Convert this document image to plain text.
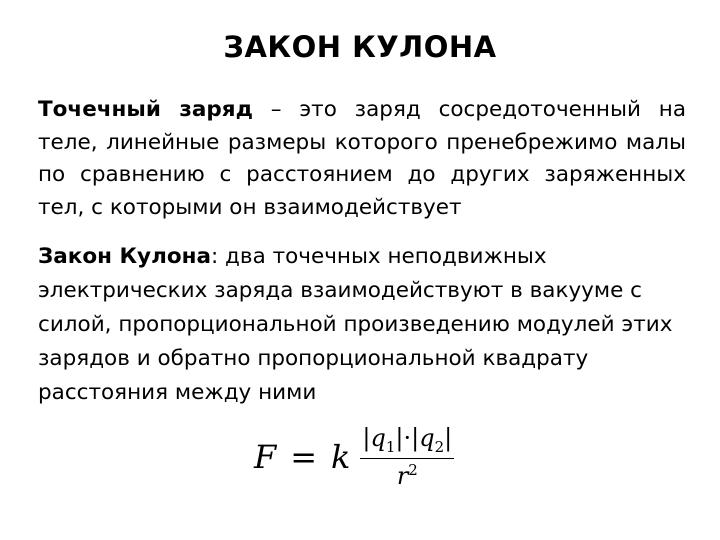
ЗАКОН КУЛОНА
Точечный заряд – это заряд сосредоточенный на теле, линейные размеры которого пренебрежимо малы по сравнению с расстоянием до других заряженных тел, с которыми он взаимодействует
Закон Кулона: два точечных неподвижных электрических заряда взаимодействуют в вакууме с силой, пропорциональной произведению модулей этих зарядов и обратно пропорциональной квадрату расстояния между ними
F = k $\frac{|q_1|\cdot|q_2|}{r^2}$
